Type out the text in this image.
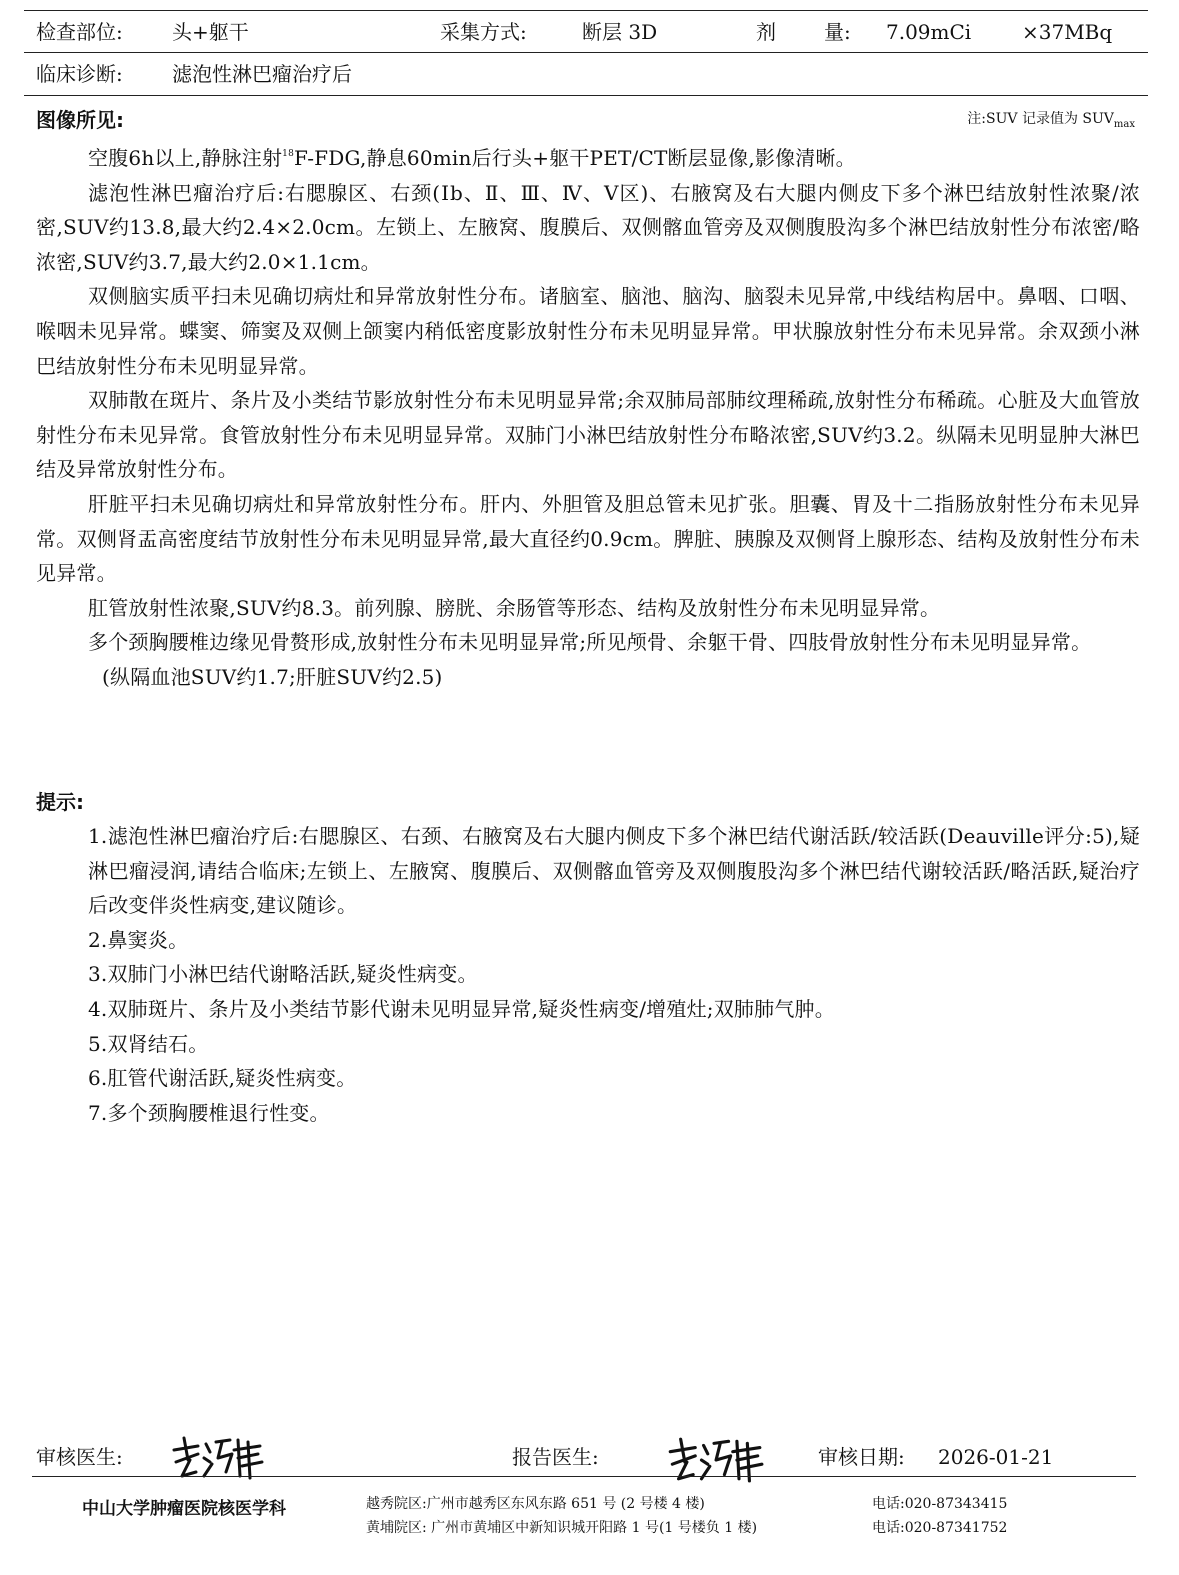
检查部位: 头+躯干	采集方式:	断层 3D	剂 量: 7.09mCi	×37MBq
临床诊断: 滤泡性淋巴瘤治疗后
图像所见:	注:SUV 记录值为 $SUV_{max}$

空腹6h以上,静脉注射$^{18}$F-FDG,静息60min后行头+躯干PET/CT断层显像,影像清晰。

滤泡性淋巴瘤治疗后:右腮腺区、右颈(Ⅰb、Ⅱ、Ⅲ、Ⅳ、Ⅴ区)、右腋窝及右大腿内侧皮下多个淋巴结放射性浓聚/浓密,SUV约13.8,最大约2.4×2.0cm。左锁上、左腋窝、腹膜后、双侧髂血管旁及双侧腹股沟多个淋巴结放射性分布浓密/略浓密,SUV约3.7,最大约2.0×1.1cm。

双侧脑实质平扫未见确切病灶和异常放射性分布。诸脑室、脑池、脑沟、脑裂未见异常,中线结构居中。鼻咽、口咽、喉咽未见异常。蝶窦、筛窦及双侧上颌窦内稍低密度影放射性分布未见明显异常。甲状腺放射性分布未见异常。余双颈小淋巴结放射性分布未见明显异常。

双肺散在斑片、条片及小类结节影放射性分布未见明显异常;余双肺局部肺纹理稀疏,放射性分布稀疏。心脏及大血管放射性分布未见异常。食管放射性分布未见明显异常。双肺门小淋巴结放射性分布略浓密,SUV约3.2。纵隔未见明显肿大淋巴结及异常放射性分布。

肝脏平扫未见确切病灶和异常放射性分布。肝内、外胆管及胆总管未见扩张。胆囊、胃及十二指肠放射性分布未见异常。双侧肾盂高密度结节放射性分布未见明显异常,最大直径约0.9cm。脾脏、胰腺及双侧肾上腺形态、结构及放射性分布未见异常。

肛管放射性浓聚,SUV约8.3。前列腺、膀胱、余肠管等形态、结构及放射性分布未见明显异常。

多个颈胸腰椎边缘见骨赘形成,放射性分布未见明显异常;所见颅骨、余躯干骨、四肢骨放射性分布未见明显异常。

(纵隔血池SUV约1.7;肝脏SUV约2.5)

提示:

1.滤泡性淋巴瘤治疗后:右腮腺区、右颈、右腋窝及右大腿内侧皮下多个淋巴结代谢活跃/较活跃(Deauville评分:5),疑淋巴瘤浸润,请结合临床;左锁上、左腋窝、腹膜后、双侧髂血管旁及双侧腹股沟多个淋巴结代谢较活跃/略活跃,疑治疗后改变伴炎性病变,建议随诊。

2.鼻窦炎。

3.双肺门小淋巴结代谢略活跃,疑炎性病变。

4.双肺斑片、条片及小类结节影代谢未见明显异常,疑炎性病变/增殖灶;双肺肺气肿。

5.双肾结石。

6.肛管代谢活跃,疑炎性病变。

7.多个颈胸腰椎退行性变。

审核医生:	报告医生:	审核日期: 2026-01-21
中山大学肿瘤医院核医学科	越秀院区:广州市越秀区东风东路 651 号 (2 号楼 4 楼)
黄埔院区: 广州市黄埔区中新知识城开阳路 1 号(1 号楼负 1 楼)
电话:020-87343415
电话:020-87341752
